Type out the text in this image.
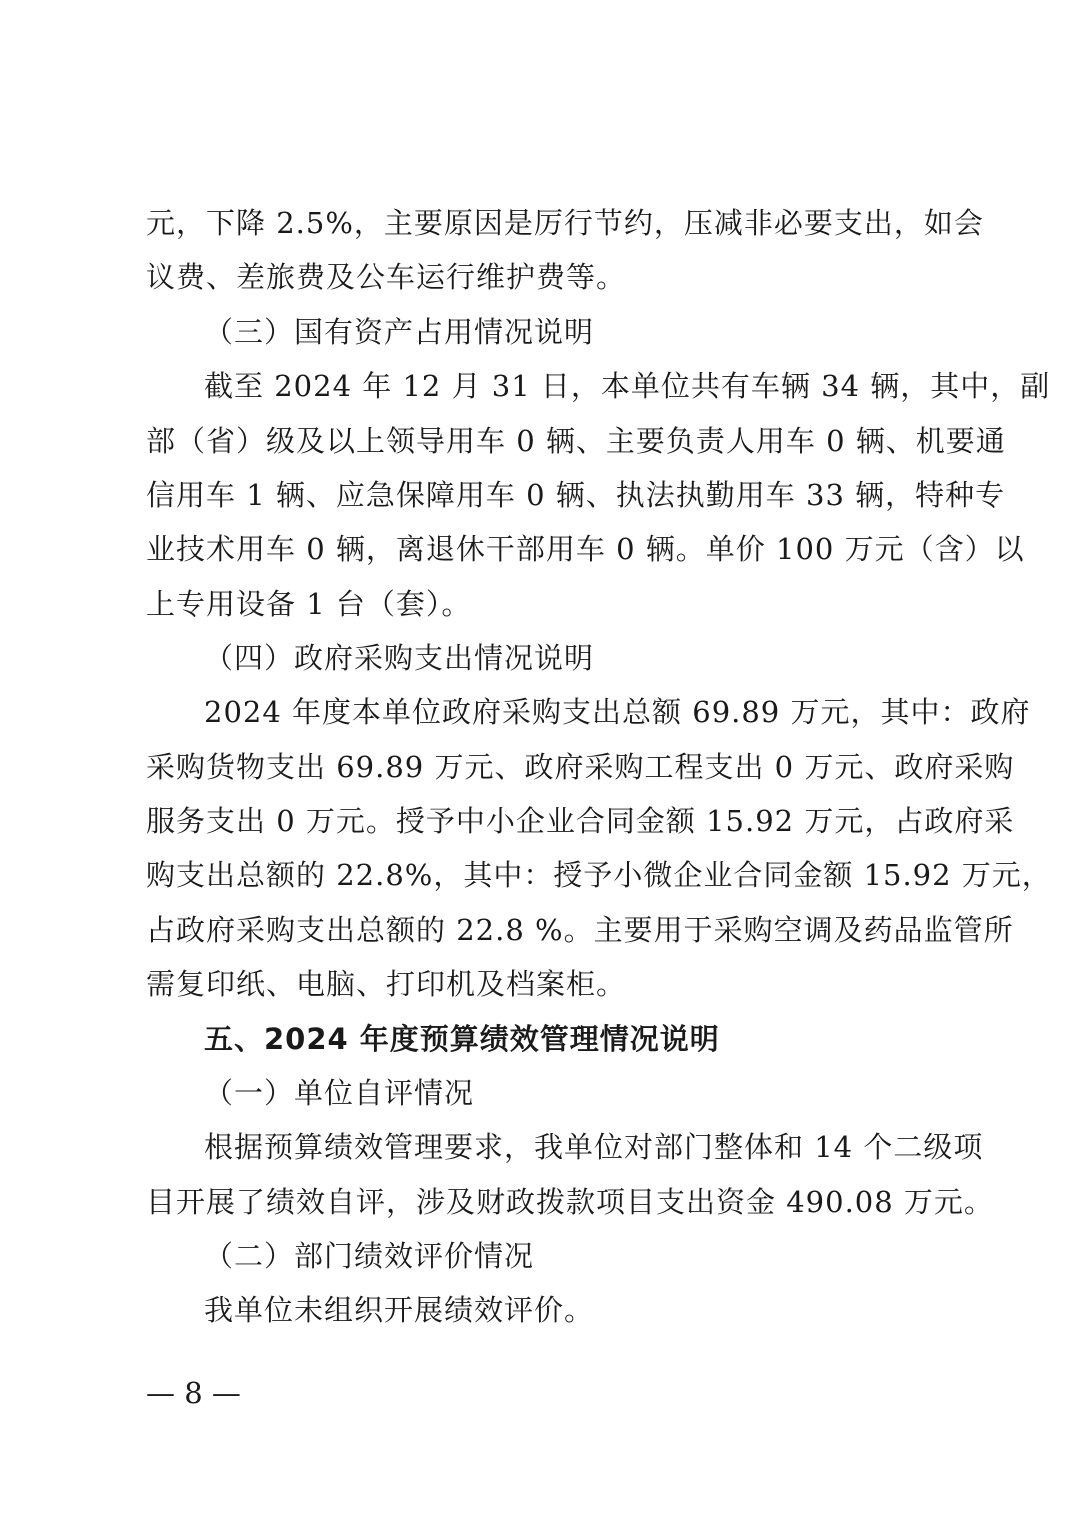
元，下降 2.5%，主要原因是厉行节约，压减非必要支出，如会
议费、差旅费及公车运行维护费等。
（三）国有资产占用情况说明
截至 2024 年 12 月 31 日，本单位共有车辆 34 辆，其中，副
部（省）级及以上领导用车 0 辆、主要负责人用车 0 辆、机要通
信用车 1 辆、应急保障用车 0 辆、执法执勤用车 33 辆，特种专
业技术用车 0 辆，离退休干部用车 0 辆。单价 100 万元（含）以
上专用设备 1 台（套）。
（四）政府采购支出情况说明
2024 年度本单位政府采购支出总额 69.89 万元，其中：政府
采购货物支出 69.89 万元、政府采购工程支出 0 万元、政府采购
服务支出 0 万元。授予中小企业合同金额 15.92 万元，占政府采
购支出总额的 22.8%，其中：授予小微企业合同金额 15.92 万元，
占政府采购支出总额的 22.8 %。主要用于采购空调及药品监管所
需复印纸、电脑、打印机及档案柜。
五、2024 年度预算绩效管理情况说明
（一）单位自评情况
根据预算绩效管理要求，我单位对部门整体和 14 个二级项
目开展了绩效自评，涉及财政拨款项目支出资金 490.08 万元。
（二）部门绩效评价情况
我单位未组织开展绩效评价。
— 8 —
